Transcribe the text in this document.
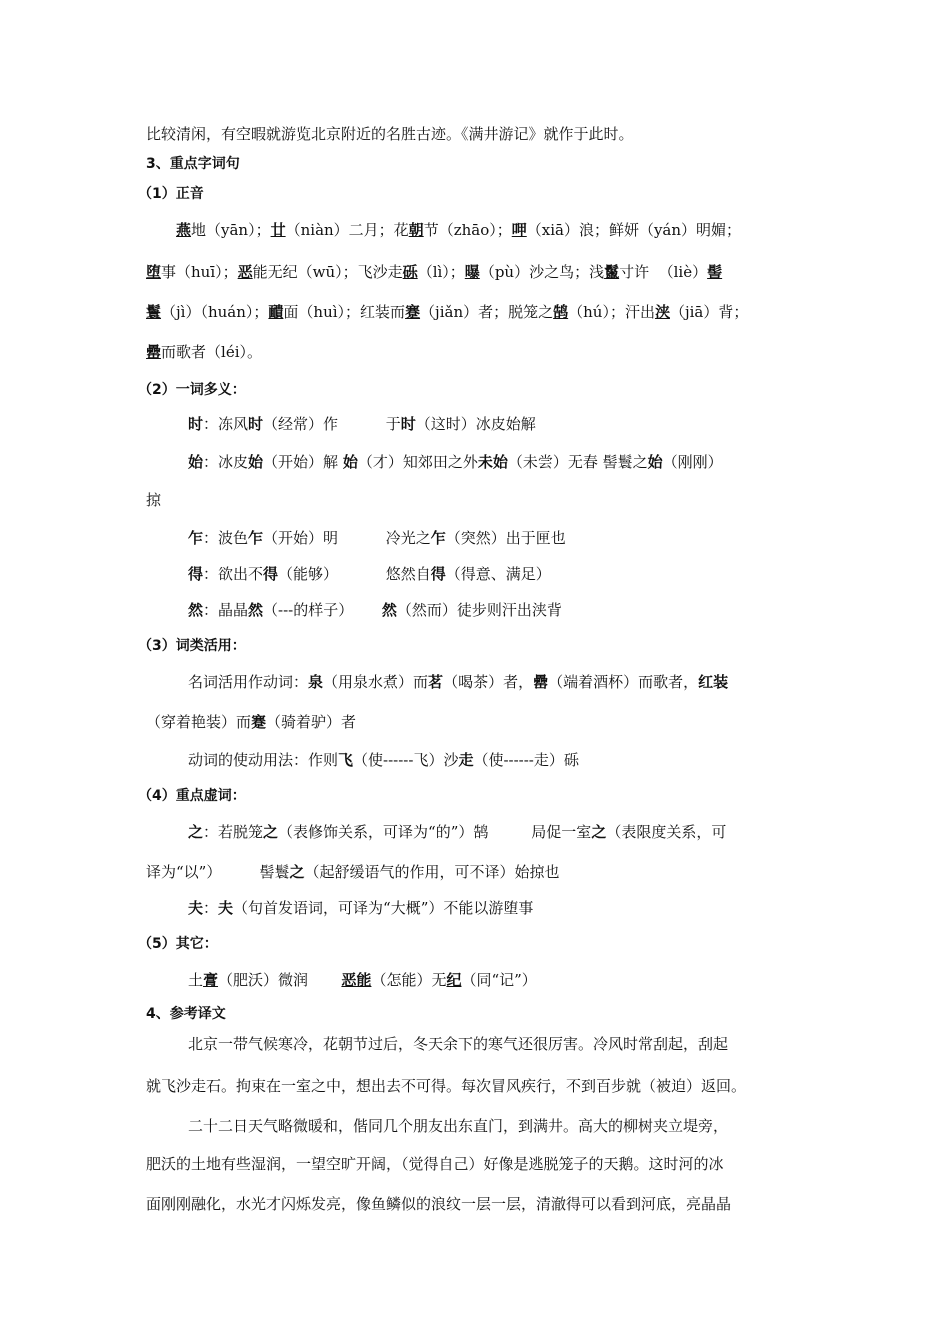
比较清闲，有空暇就游览北京附近的名胜古迹。《满井游记》就作于此时。
3、重点字词句
（1）正音
燕地（yān）；廿（niàn）二月；花朝节（zhāo）；呷（xiā）浪；鲜妍（yán）明媚；
堕事（huī）；恶能无纪（wū）；飞沙走砾（lì）；曝（pù）沙之鸟；浅鬣寸许  （liè）髻
鬟（jì）（huán）；靧面（huì）；红装而蹇（jiǎn）者；脱笼之鹄（hú）；汗出浃（jiā）背；
罍而歌者（léi）。
（2）一词多义：
时：冻风时（经常）作          于时（这时）冰皮始解
始：冰皮始（开始）解 始（才）知郊田之外未始（未尝）无春 髻鬟之始（刚刚）
掠
乍：波色乍（开始）明          冷光之乍（突然）出于匣也
得：欲出不得（能够）          悠然自得（得意、满足）
然：晶晶然（---的样子）      然（然而）徒步则汗出浃背
（3）词类活用：
名词活用作动词：泉（用泉水煮）而茗（喝茶）者，罍（端着酒杯）而歌者，红装
（穿着艳装）而蹇（骑着驴）者
动词的使动用法：作则飞（使------飞）沙走（使------走）砾
（4）重点虚词：
之：若脱笼之（表修饰关系，可译为“的”）鹄         局促一室之（表限度关系，可
译为“以”）        髻鬟之（起舒缓语气的作用，可不译）始掠也
夫：夫（句首发语词，可译为“大概”）不能以游堕事
（5）其它：
土膏（肥沃）微润       恶能（怎能）无纪（同“记”）
4、参考译文
北京一带气候寒冷，花朝节过后，冬天余下的寒气还很厉害。冷风时常刮起，刮起
就飞沙走石。拘束在一室之中，想出去不可得。每次冒风疾行，不到百步就（被迫）返回。
二十二日天气略微暖和，偕同几个朋友出东直门，到满井。高大的柳树夹立堤旁，
肥沃的土地有些湿润，一望空旷开阔，（觉得自己）好像是逃脱笼子的天鹅。这时河的冰
面刚刚融化，水光才闪烁发亮，像鱼鳞似的浪纹一层一层，清澈得可以看到河底，亮晶晶
